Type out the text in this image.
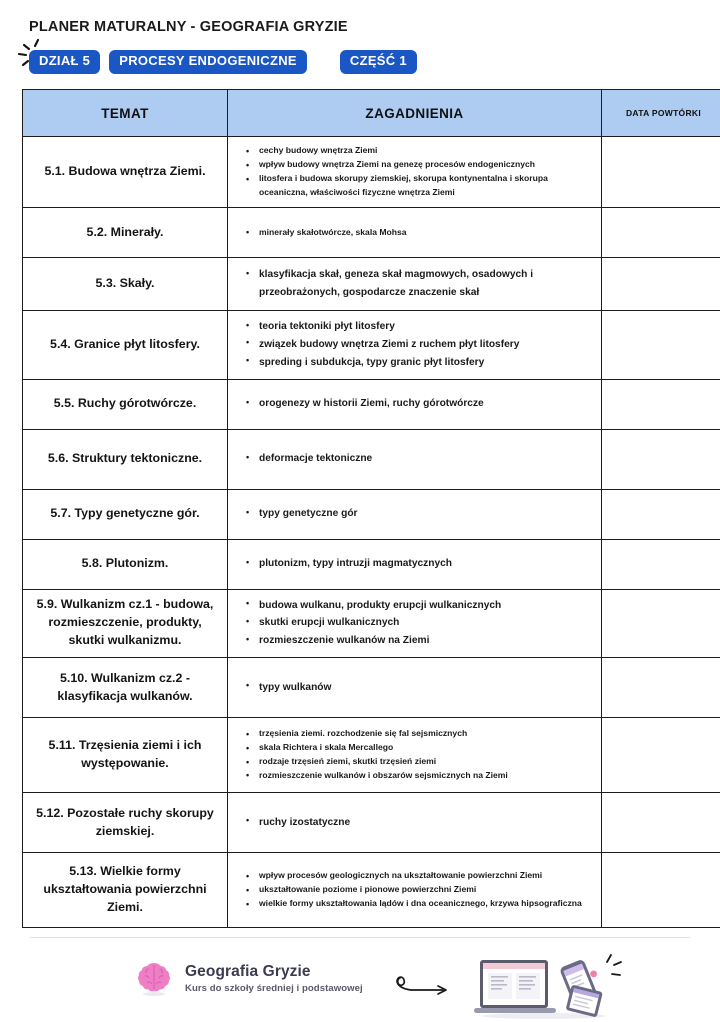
PLANER MATURALNY - GEOGRAFIA GRYZIE
DZIAŁ 5	PROCESY ENDOGENICZNE	CZĘŚĆ 1
TEMAT	ZAGADNIENIA	DATA POWTÓRKI
5.1. Budowa wnętrza Ziemi.	
• cechy budowy wnętrza Ziemi
• wpływ budowy wnętrza Ziemi na genezę procesów endogenicznych
• litosfera i budowa skorupy ziemskiej, skorupa kontynentalna i skorupa oceaniczna, właściwości fizyczne wnętrza Ziemi

5.2. Minerały.	
•minerały skałotwórcze, skala Mohsa

5.3. Skały.	
• klasyfikacja skał, geneza skał magmowych, osadowych i przeobrażonych, gospodarcze znaczenie skał

5.4. Granice płyt litosfery.	
• teoria tektoniki płyt litosfery
• związek budowy wnętrza Ziemi z ruchem płyt litosfery
• spreding i subdukcja, typy granic płyt litosfery

5.5. Ruchy górotwórcze.	
•orogenezy w historii Ziemi, ruchy górotwórcze

5.6. Struktury tektoniczne.	
•deformacje tektoniczne

5.7. Typy genetyczne gór.	
•typy genetyczne gór

5.8. Plutonizm.	
•plutonizm, typy intruzji magmatycznych

5.9. Wulkanizm cz.1 - budowa, rozmieszczenie, produkty, skutki wulkanizmu.	
• budowa wulkanu, produkty erupcji wulkanicznych
• skutki erupcji wulkanicznych
• rozmieszczenie wulkanów na Ziemi

5.10. Wulkanizm cz.2 - klasyfikacja wulkanów.	
• typy wulkanów

5.11. Trzęsienia ziemi i ich występowanie.	
• trzęsienia ziemi. rozchodzenie się fal sejsmicznych
• skala Richtera i skala Mercallego
• rodzaje trzęsień ziemi, skutki trzęsień ziemi
• rozmieszczenie wulkanów i obszarów sejsmicznych na Ziemi

5.12. Pozostałe ruchy skorupy ziemskiej.	
• ruchy izostatyczne

5.13. Wielkie formy ukształtowania powierzchni Ziemi.	
• wpływ procesów geologicznych na ukształtowanie powierzchni Ziemi
• ukształtowanie poziome i pionowe powierzchni Ziemi
• wielkie formy ukształtowania lądów i dna oceanicznego, krzywa hipsograficzna

Geografia Gryzie
Kurs do szkoły średniej i podstawowej
